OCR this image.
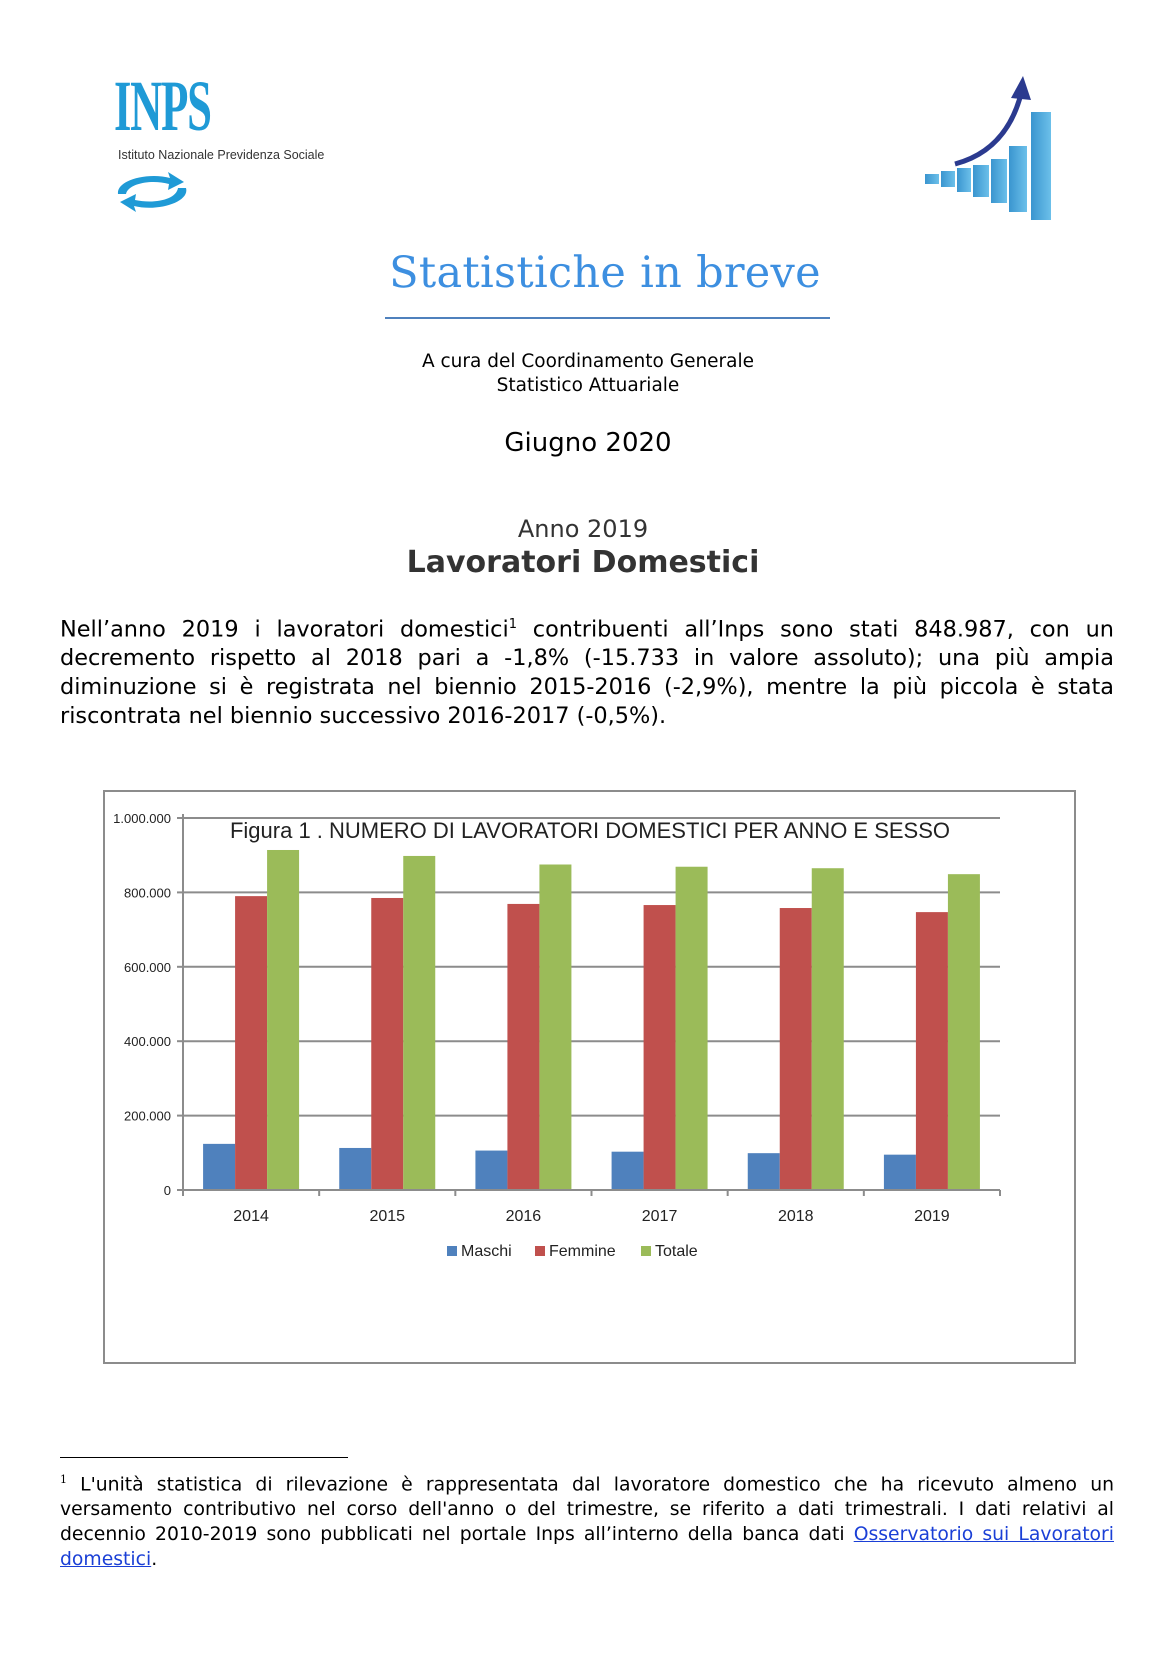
INPS
Istituto Nazionale Previdenza Sociale
Statistiche in breve
A cura del Coordinamento Generale
Statistico Attuariale
Giugno 2020
Anno 2019
Lavoratori Domestici
Nell’anno 2019 i lavoratori domestici$^1$ contribuenti all’Inps sono stati 848.987, con un decremento rispetto al 2018 pari a -1,8% (-15.733 in valore assoluto); una più ampia diminuzione si è registrata nel biennio 2015-2016 (-2,9%), mentre la più piccola è stata riscontrata nel biennio successivo 2016-2017 (-0,5%).
Figura 1 . NUMERO DI LAVORATORI DOMESTICI PER ANNO E SESSO
0
200.000
400.000
600.000
800.000
1.000.000
2014	2015	2016	2017	2018	2019
Maschi Femmine Totale
$^1$ L'unità statistica di rilevazione è rappresentata dal lavoratore domestico che ha ricevuto almeno un versamento contributivo nel corso dell'anno o del trimestre, se riferito a dati trimestrali. I dati relativi al decennio 2010-2019 sono pubblicati nel portale Inps all’interno della banca dati Osservatorio sui Lavoratori domestici.
